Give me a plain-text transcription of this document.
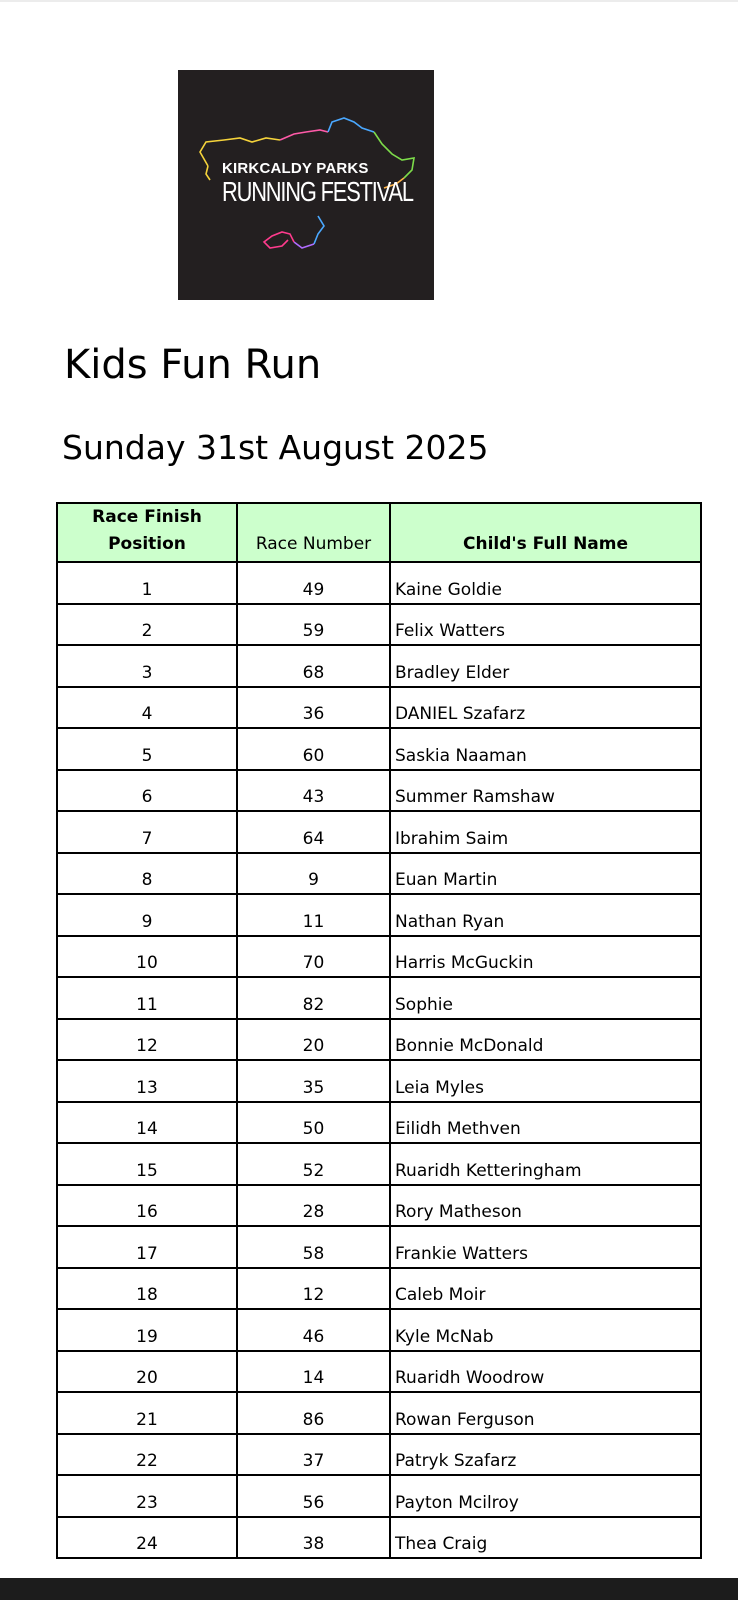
KIRKCALDY PARKS
RUNNING FESTIVAL
Kids Fun Run
Sunday 31st August 2025
Race Finish
Position	Race Number	Child's Full Name
1	49	Kaine Goldie
2	59	Felix Watters
3	68	Bradley Elder
4	36	DANIEL Szafarz
5	60	Saskia Naaman
6	43	Summer Ramshaw
7	64	Ibrahim Saim
8	9	Euan Martin
9	11	Nathan Ryan
10	70	Harris McGuckin
11	82	Sophie
12	20	Bonnie McDonald
13	35	Leia Myles
14	50	Eilidh Methven
15	52	Ruaridh Ketteringham
16	28	Rory Matheson
17	58	Frankie Watters
18	12	Caleb Moir
19	46	Kyle McNab
20	14	Ruaridh Woodrow
21	86	Rowan Ferguson
22	37	Patryk Szafarz
23	56	Payton Mcilroy
24	38	Thea Craig
